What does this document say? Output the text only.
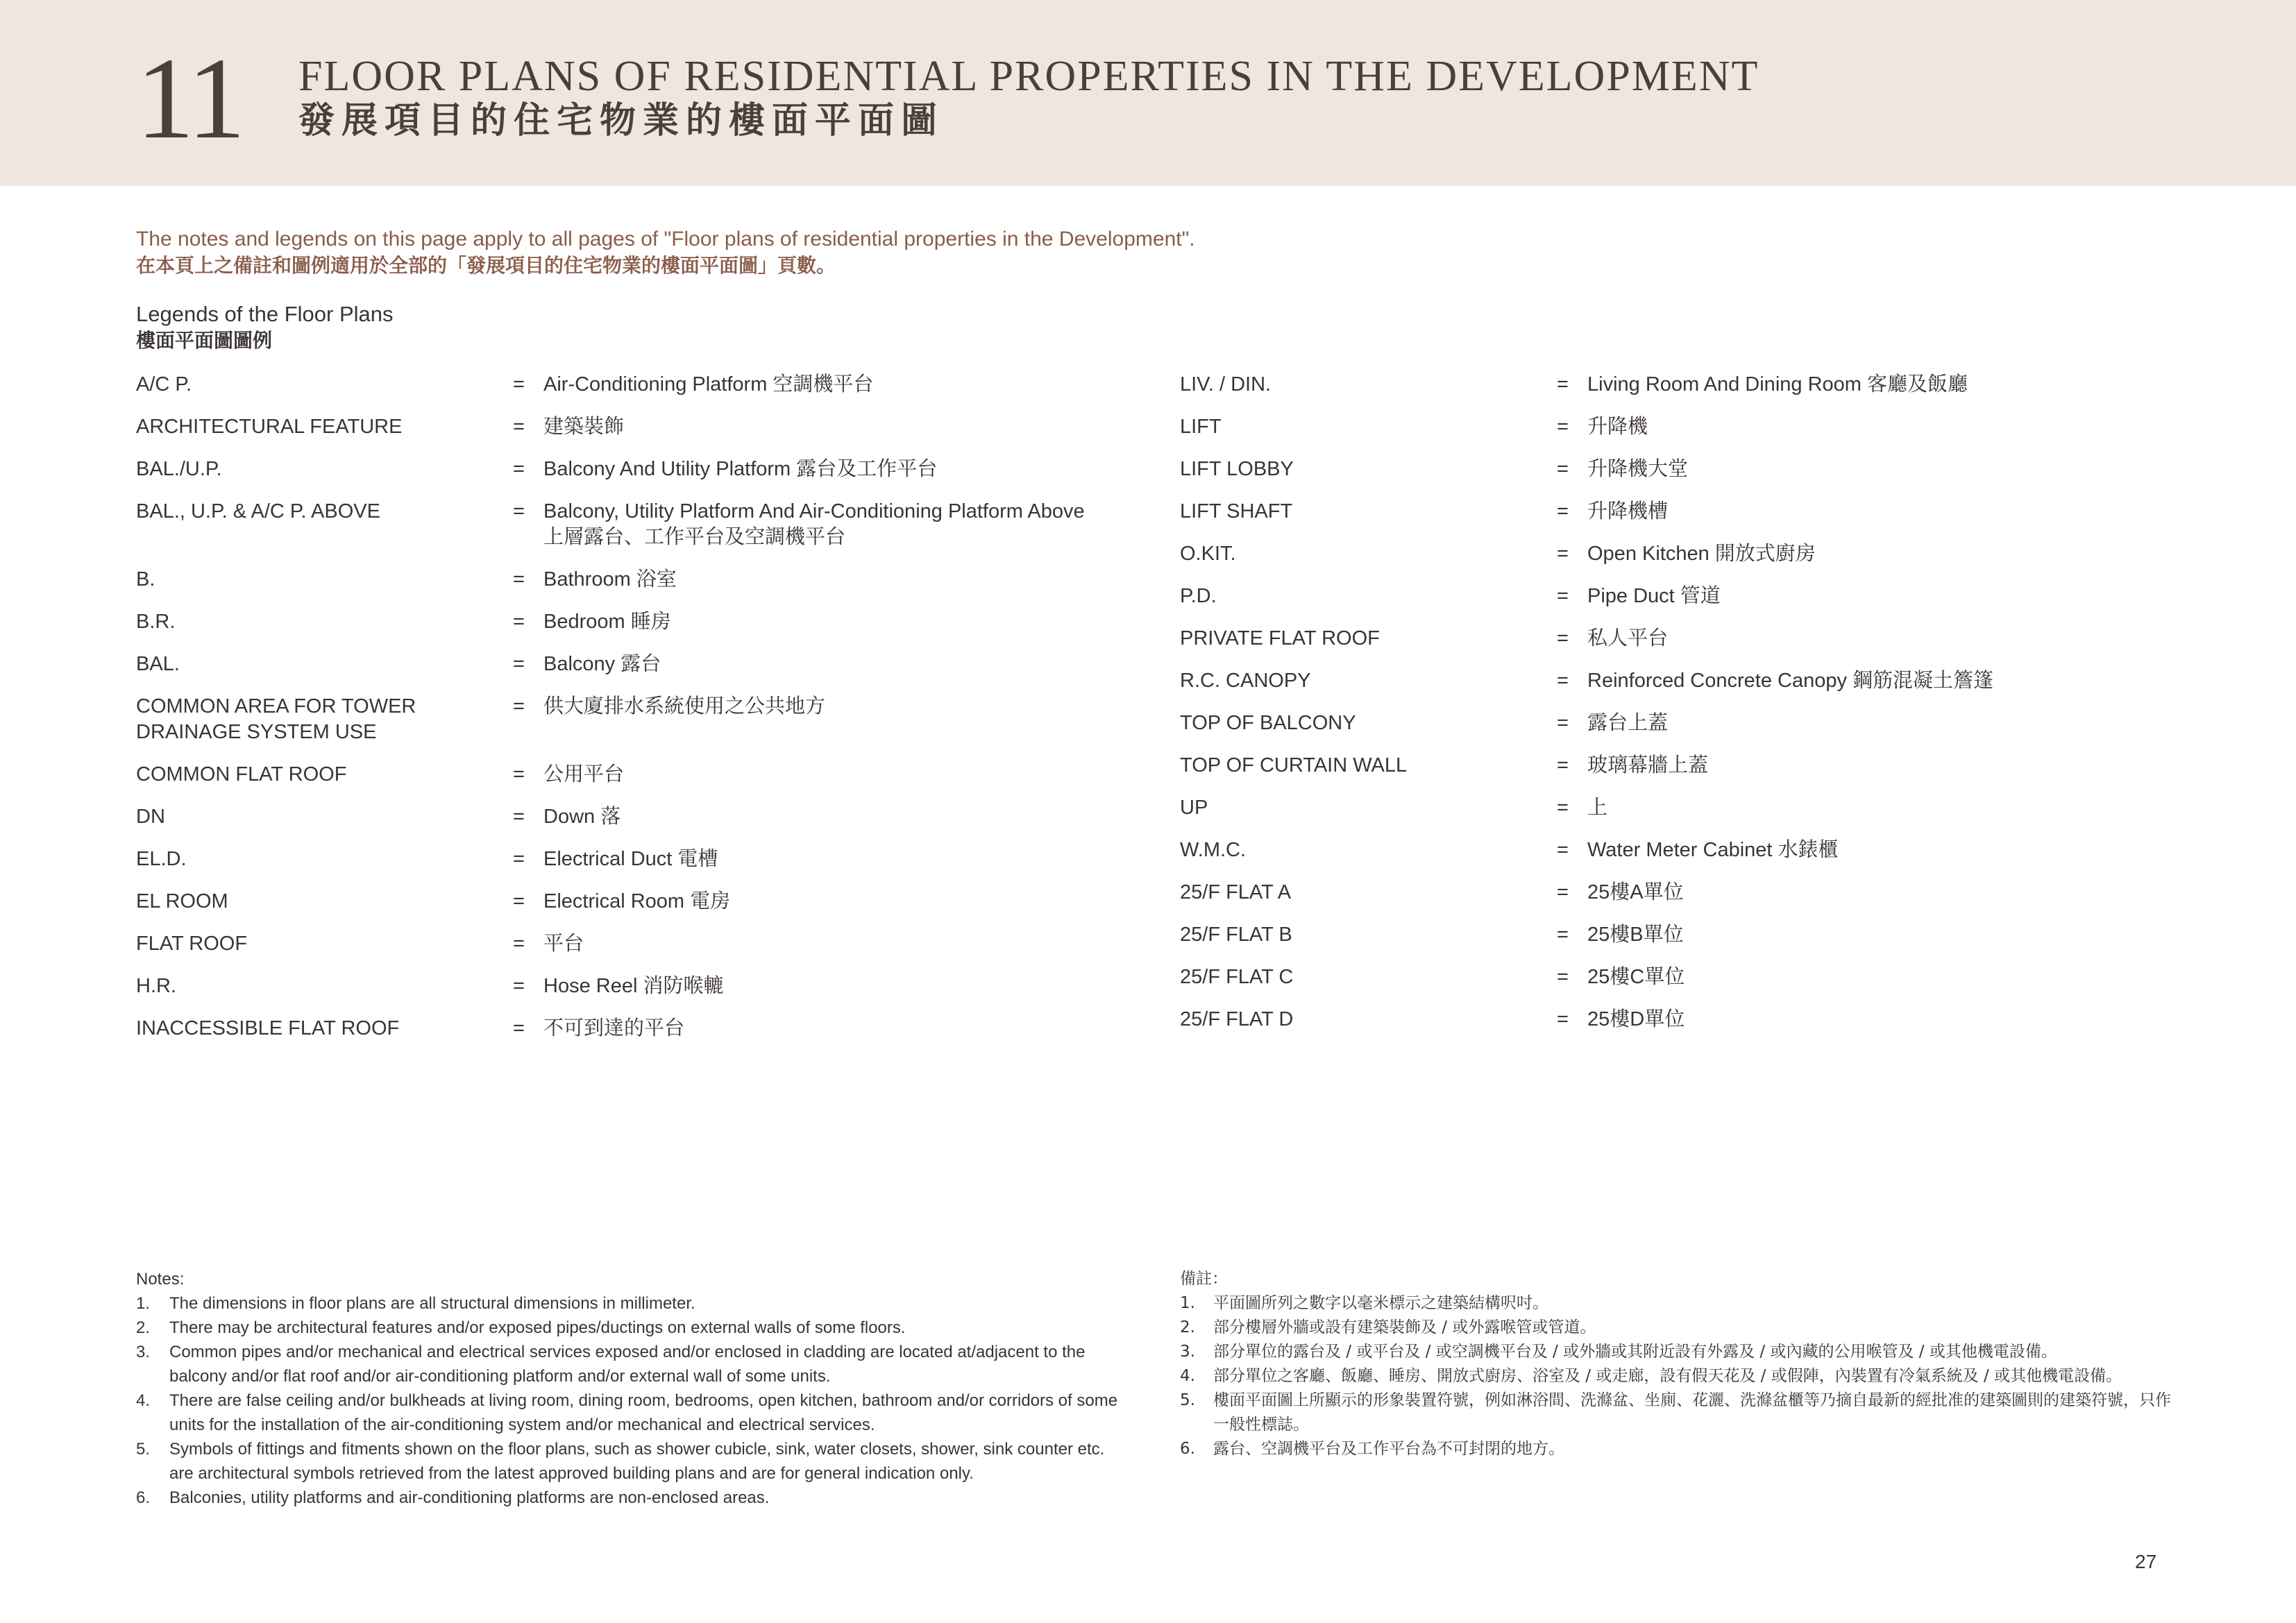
11 FLOOR PLANS OF RESIDENTIAL PROPERTIES IN THE DEVELOPMENT
發展項目的住宅物業的樓面平面圖
The notes and legends on this page apply to all pages of "Floor plans of residential properties in the Development".
在本頁上之備註和圖例適用於全部的「發展項目的住宅物業的樓面平面圖」頁數。
Legends of the Floor Plans
樓面平面圖圖例
A/C P.	= Air-Conditioning Platform 空調機平台
ARCHITECTURAL FEATURE	= 建築裝飾
BAL./U.P.	= Balcony And Utility Platform 露台及工作平台
BAL., U.P. & A/C P. ABOVE	= Balcony, Utility Platform And Air-Conditioning Platform Above
上層露台、工作平台及空調機平台
B.	= Bathroom 浴室
B.R.	= Bedroom 睡房
BAL.	= Balcony 露台
COMMON AREA FOR TOWER
DRAINAGE SYSTEM USE
= 供大廈排水系統使用之公共地方
COMMON FLAT ROOF	= 公用平台
DN	= Down 落
EL.D.	= Electrical Duct 電槽
EL ROOM	= Electrical Room 電房
FLAT ROOF	= 平台
H.R.	= Hose Reel 消防喉轆
INACCESSIBLE FLAT ROOF	= 不可到達的平台
LIV. / DIN.	= Living Room And Dining Room 客廳及飯廳
LIFT	= 升降機
LIFT LOBBY	= 升降機大堂
LIFT SHAFT	= 升降機槽
O.KIT.	= Open Kitchen 開放式廚房
P.D.	= Pipe Duct 管道
PRIVATE FLAT ROOF	= 私人平台
R.C. CANOPY	= Reinforced Concrete Canopy 鋼筋混凝土簷篷
TOP OF BALCONY	= 露台上蓋
TOP OF CURTAIN WALL	= 玻璃幕牆上蓋
UP	= 上
W.M.C.	= Water Meter Cabinet 水錶櫃
25/F FLAT A	= 25樓A單位
25/F FLAT B	= 25樓B單位
25/F FLAT C	= 25樓C單位
25/F FLAT D	= 25樓D單位
Notes:
1.	The dimensions in floor plans are all structural dimensions in millimeter.
2.	There may be architectural features and/or exposed pipes/ductings on external walls of some floors.
3.	Common pipes and/or mechanical and electrical services exposed and/or enclosed in cladding are located at/adjacent to the balcony and/or flat roof and/or air-conditioning platform and/or external wall of some units.
4.	There are false ceiling and/or bulkheads at living room, dining room, bedrooms, open kitchen, bathroom and/or corridors of some units for the installation of the air-conditioning system and/or mechanical and electrical services.
5.	Symbols of fittings and fitments shown on the floor plans, such as shower cubicle, sink, water closets, shower, sink counter etc. are architectural symbols retrieved from the latest approved building plans and are for general indication only.
6.	Balconies, utility platforms and air-conditioning platforms are non-enclosed areas.
備註：
1.	平面圖所列之數字以毫米標示之建築結構呎吋。
2.	部分樓層外牆或設有建築裝飾及 / 或外露喉管或管道。
3.	部分單位的露台及 / 或平台及 / 或空調機平台及 / 或外牆或其附近設有外露及 / 或內藏的公用喉管及 / 或其他機電設備。
4.	部分單位之客廳、飯廳、睡房、開放式廚房、浴室及 / 或走廊，設有假天花及 / 或假陣，內裝置有冷氣系統及 / 或其他機電設備。
5.	樓面平面圖上所顯示的形象裝置符號，例如淋浴間、洗滌盆、坐廁、花灑、洗滌盆櫃等乃摘自最新的經批准的建築圖則的建築符號，只作一般性標誌。
6.	露台、空調機平台及工作平台為不可封閉的地方。
27
